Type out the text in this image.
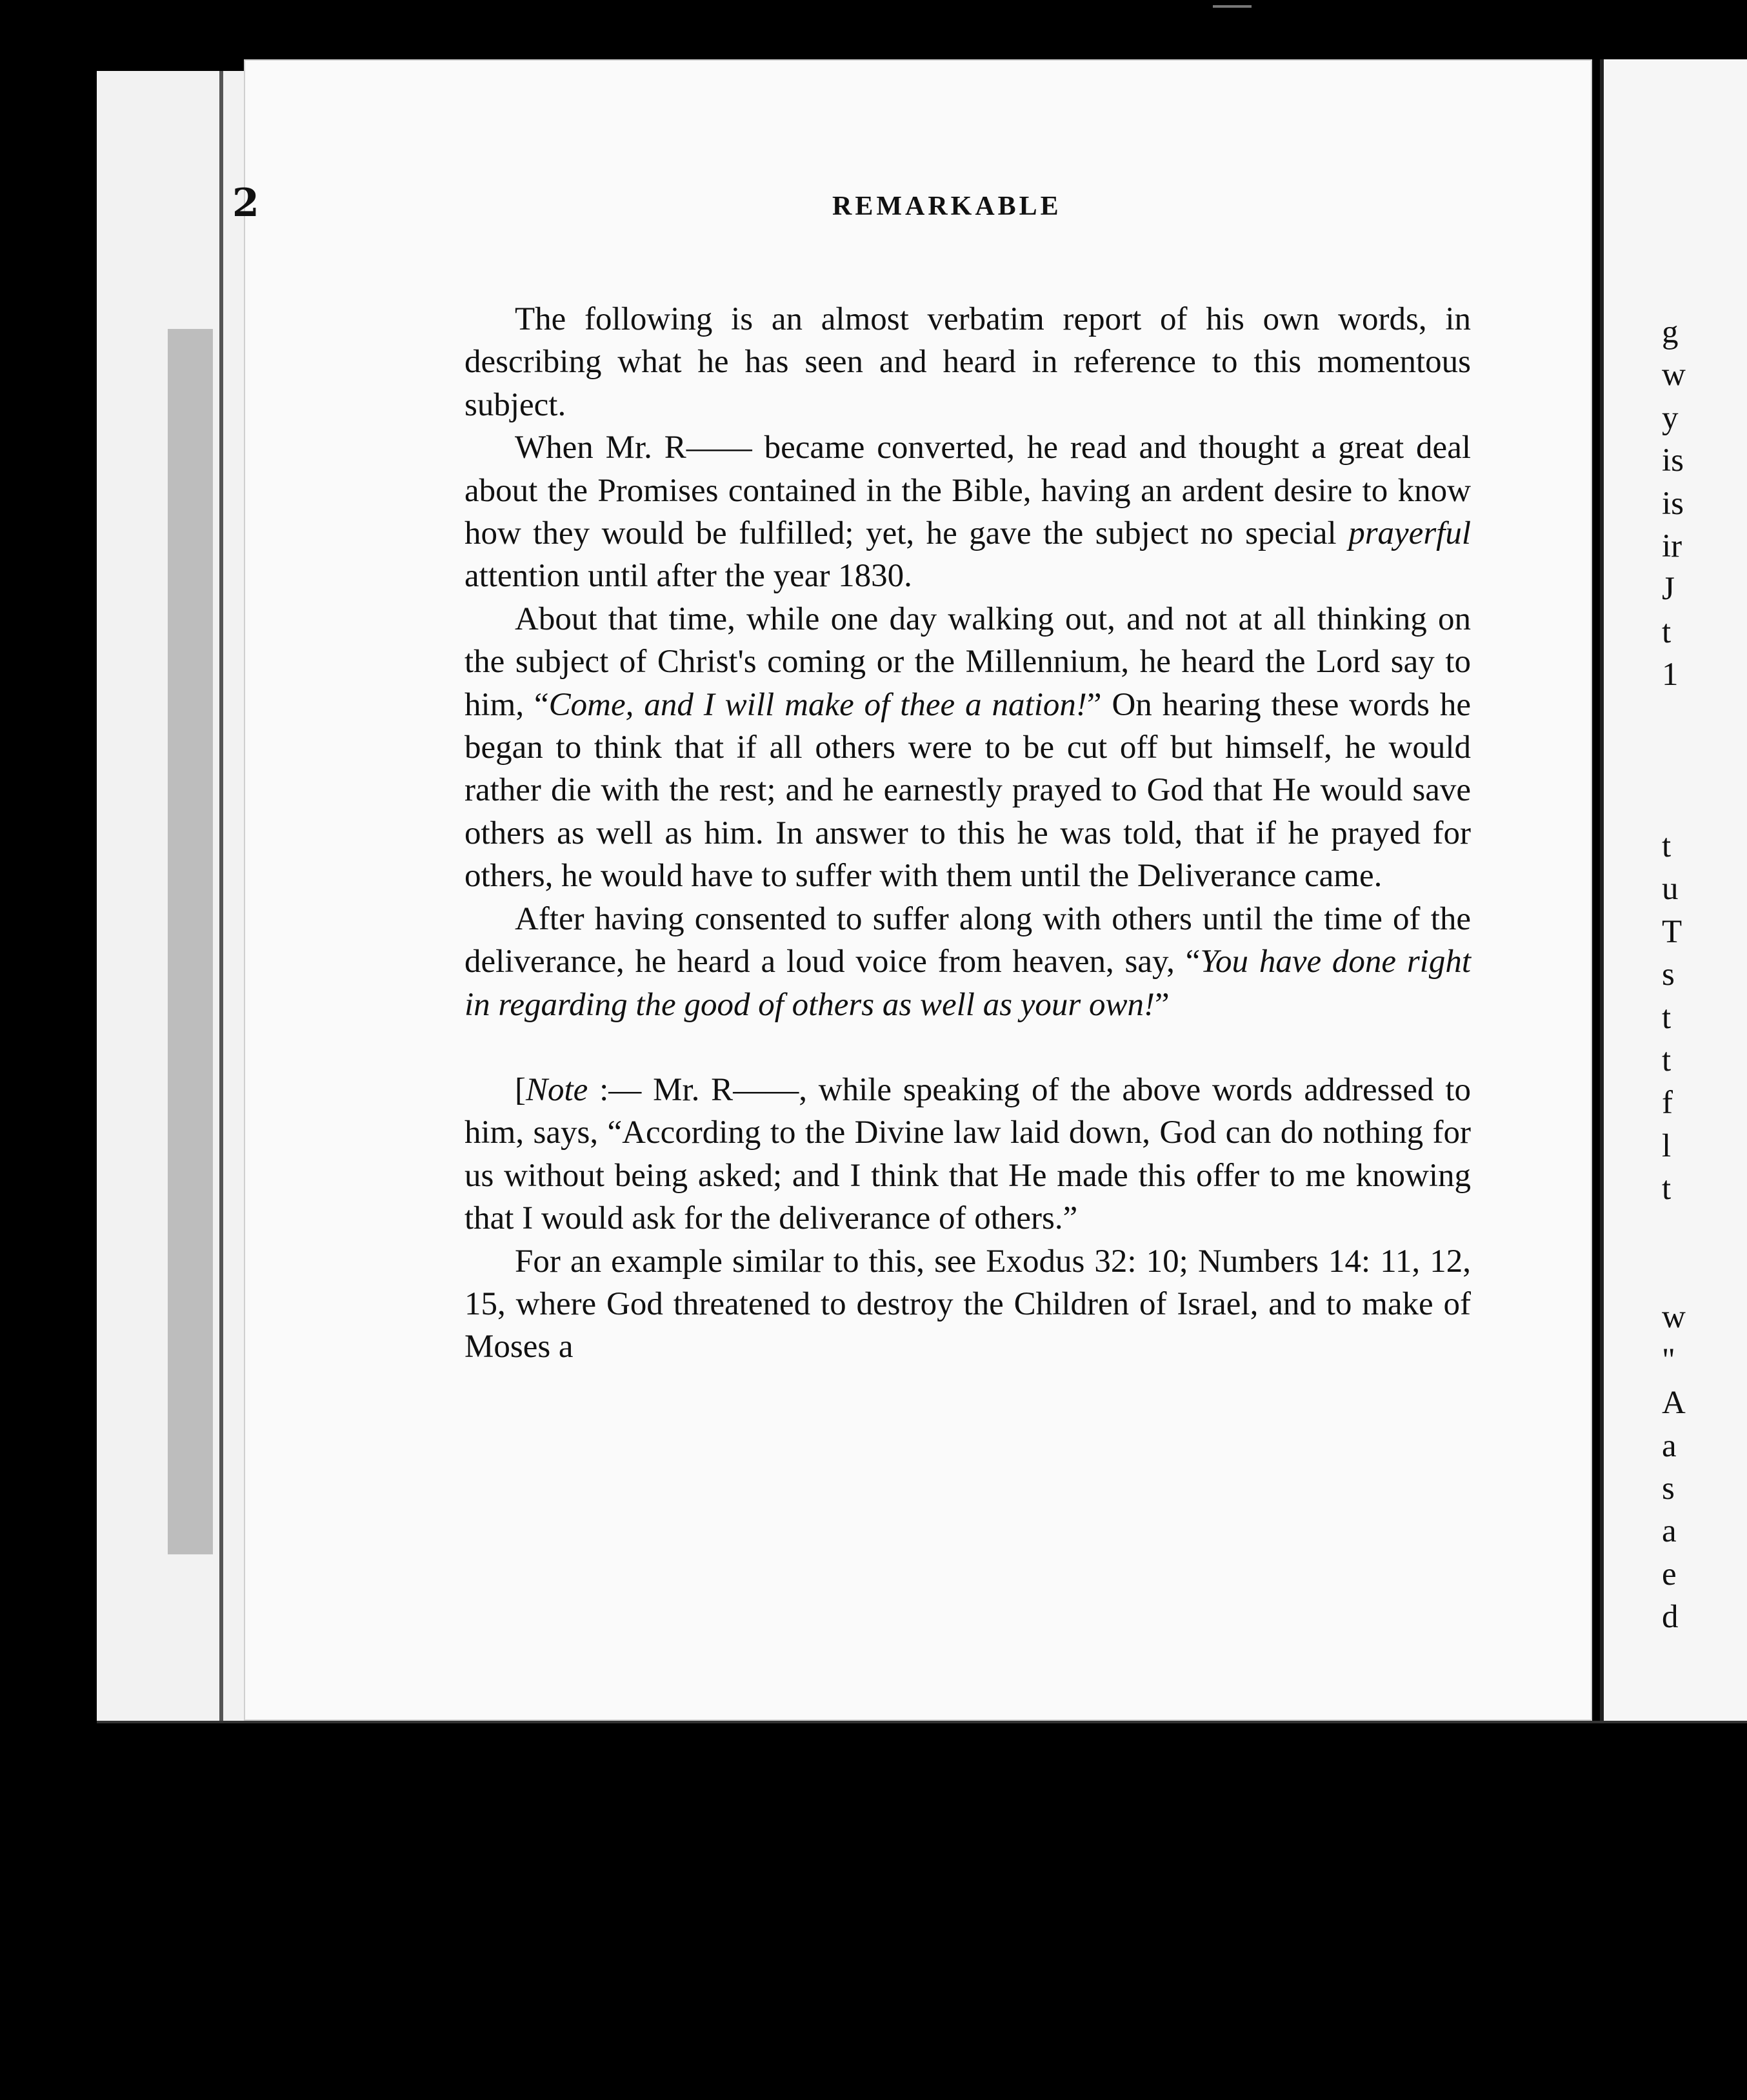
2	REMARKABLE

The following is an almost verbatim report of his own words, in describing what he has seen and heard in reference to this momentous subject.

When Mr. R—— became converted, he read and thought a great deal about the Promises contained in the Bible, having an ardent desire to know how they would be fulfilled; yet, he gave the subject no special prayerful attention until after the year 1830.

About that time, while one day walking out, and not at all thinking on the subject of Christ's coming or the Millennium, he heard the Lord say to him, “Come, and I will make of thee a nation!” On hearing these words he began to think that if all others were to be cut off but himself, he would rather die with the rest; and he earnestly prayed to God that He would save others as well as him. In answer to this he was told, that if he prayed for others, he would have to suffer with them until the Deliverance came.

After having consented to suffer along with others until the time of the deliverance, he heard a loud voice from heaven, say, “You have done right in regarding the good of others as well as your own!”

[Note :— Mr. R——, while speaking of the above words addressed to him, says, “According to the Divine law laid down, God can do nothing for us without being asked; and I think that He made this offer to me knowing that I would ask for the deliverance of others.”

For an example similar to this, see Exodus 32: 10; Numbers 14: 11, 12, 15, where God threatened to destroy the Children of Israel, and to make of Moses a

g
w
y
is
is
ir
J
t
1

t
u
T
s
t
t
f
l
t

w
"
A
a
s
a
e
d
